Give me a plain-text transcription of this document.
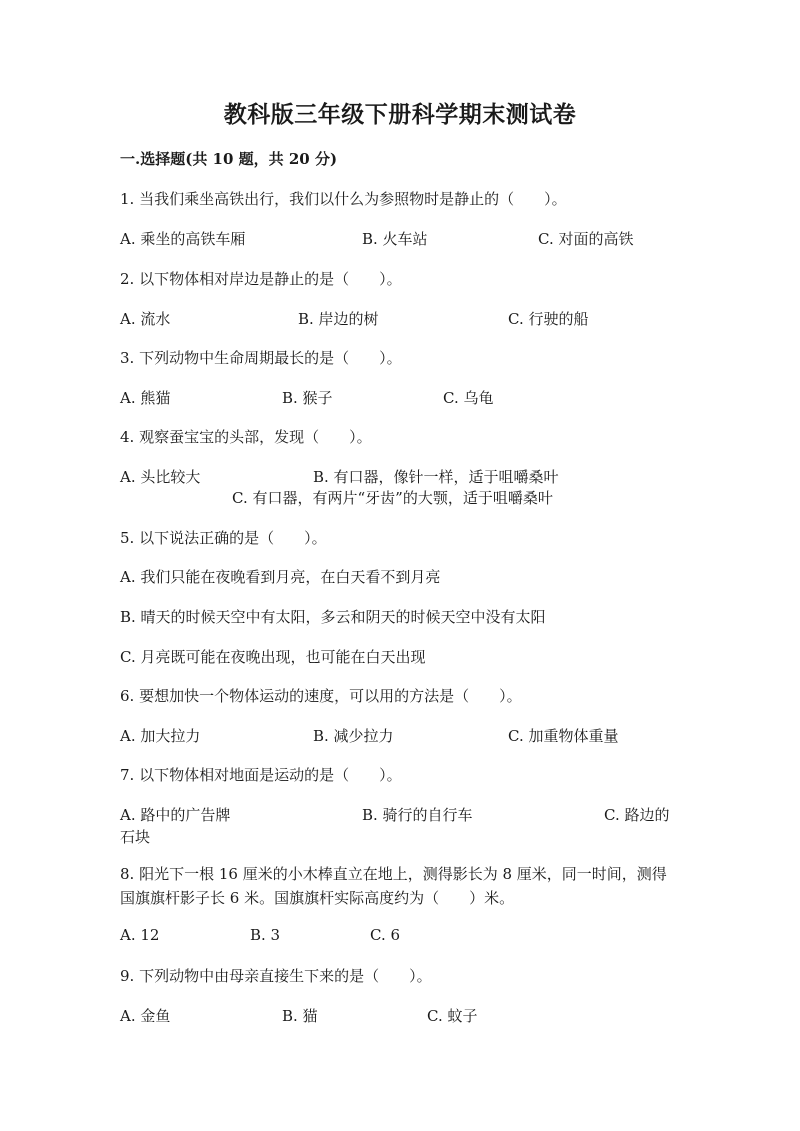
教科版三年级下册科学期末测试卷
一.选择题(共 10 题，共 20 分)
1. 当我们乘坐高铁出行，我们以什么为参照物时是静止的（　　）。
A. 乘坐的高铁车厢	B. 火车站	C. 对面的高铁
2. 以下物体相对岸边是静止的是（　　）。
A. 流水	B. 岸边的树	C. 行驶的船
3. 下列动物中生命周期最长的是（　　）。
A. 熊猫	B. 猴子	C. 乌龟
4. 观察蚕宝宝的头部，发现（　　）。
A. 头比较大	B. 有口器，像针一样，适于咀嚼桑叶
C. 有口器，有两片“牙齿”的大颚，适于咀嚼桑叶
5. 以下说法正确的是（　　）。
A. 我们只能在夜晚看到月亮，在白天看不到月亮
B. 晴天的时候天空中有太阳，多云和阴天的时候天空中没有太阳
C. 月亮既可能在夜晚出现，也可能在白天出现
6. 要想加快一个物体运动的速度，可以用的方法是（　　）。
A. 加大拉力	B. 减少拉力	C. 加重物体重量
7. 以下物体相对地面是运动的是（　　）。
A. 路中的广告牌	B. 骑行的自行车	C. 路边的
石块
8. 阳光下一根 16 厘米的小木棒直立在地上，测得影长为 8 厘米，同一时间，测得国旗旗杆影子长 6 米。国旗旗杆实际高度约为（　　）米。
A. 12	B. 3	C. 6
9. 下列动物中由母亲直接生下来的是（　　）。
A. 金鱼	B. 猫	C. 蚊子
